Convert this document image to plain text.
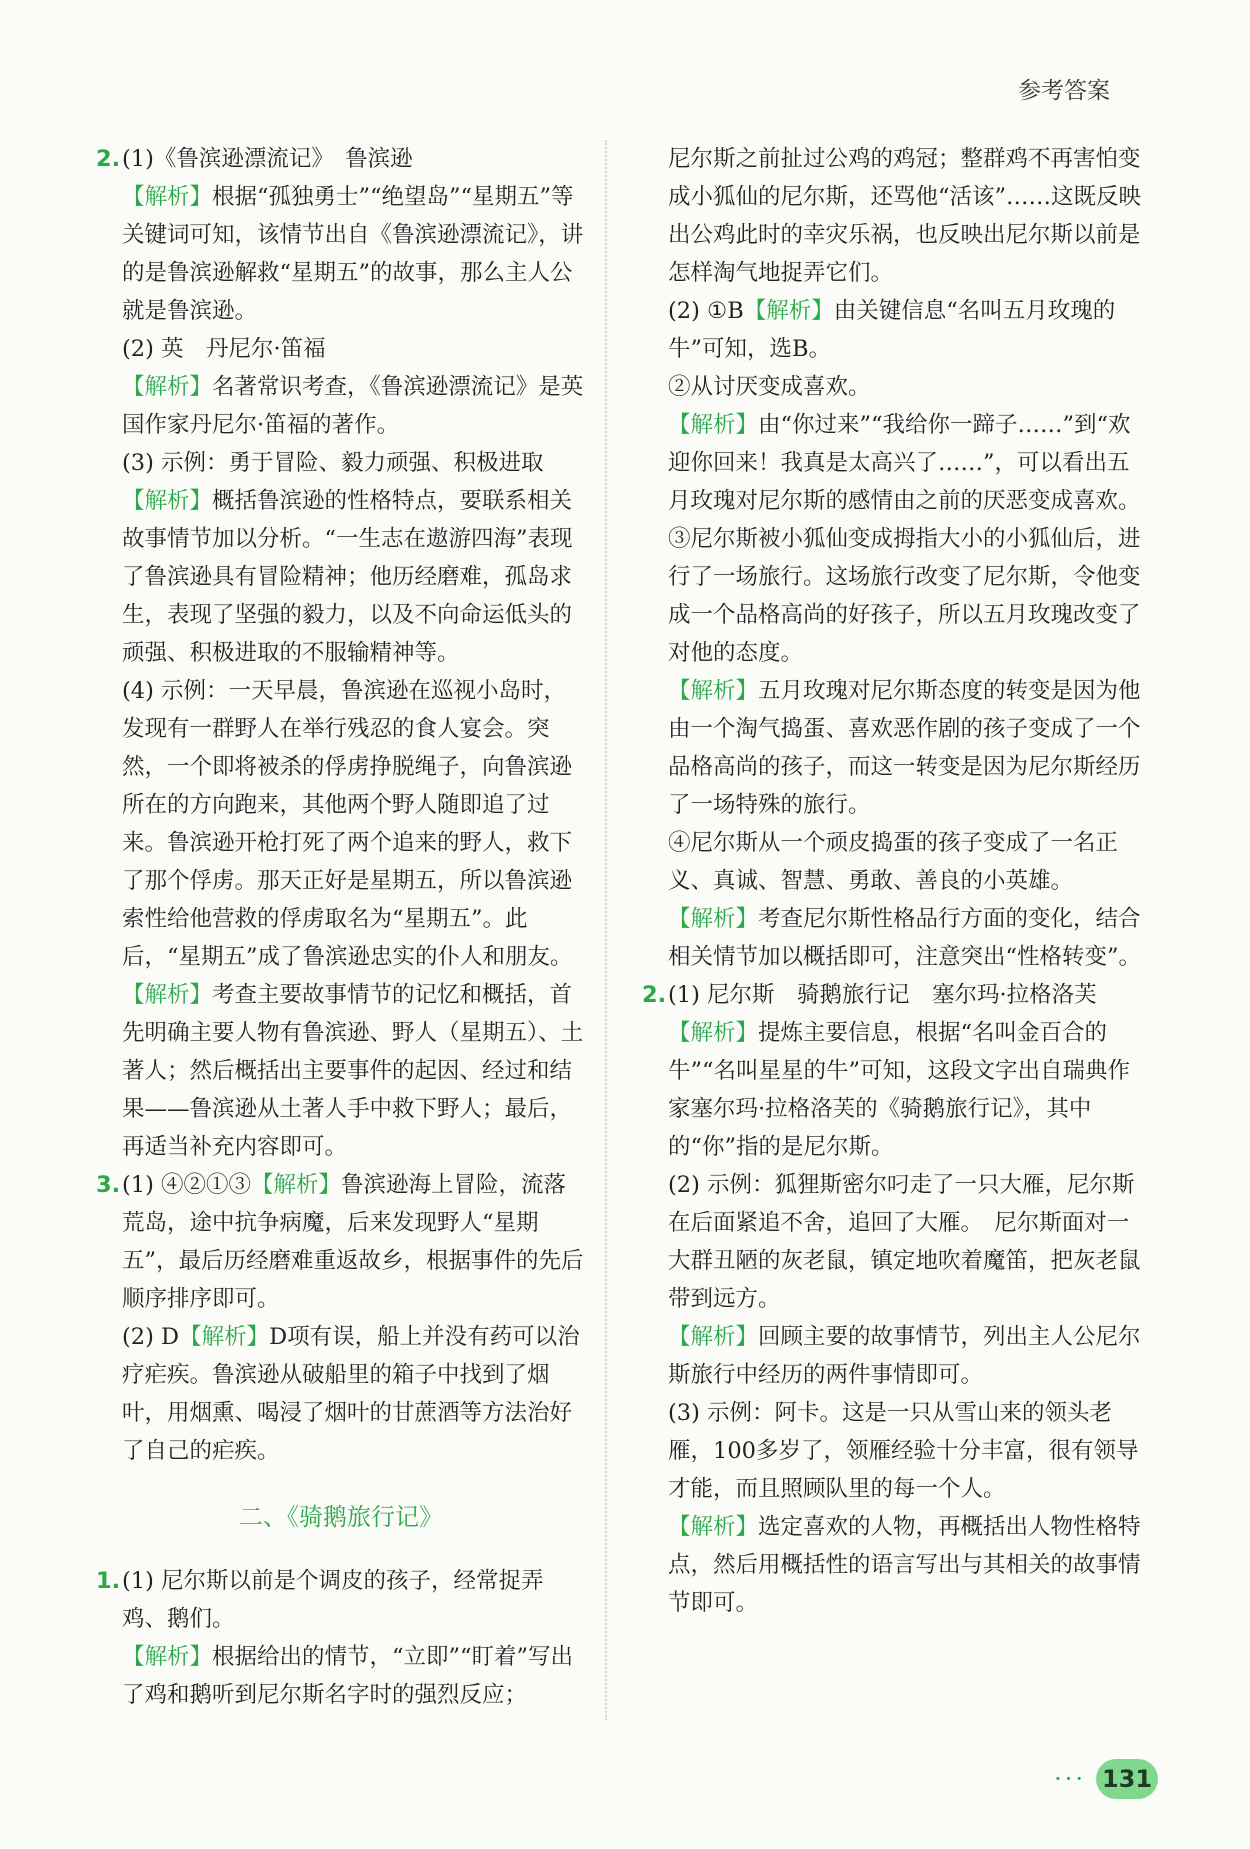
参考答案
2. (1)《鲁滨逊漂流记》　鲁滨逊

【解析】根据“孤独勇士”“绝望岛”“星期五”等关键词可知，该情节出自《鲁滨逊漂流记》，讲的是鲁滨逊解救“星期五”的故事，那么主人公就是鲁滨逊。

(2) 英　丹尼尔·笛福

【解析】名著常识考查，《鲁滨逊漂流记》是英国作家丹尼尔·笛福的著作。

(3) 示例：勇于冒险、毅力顽强、积极进取

【解析】概括鲁滨逊的性格特点，要联系相关故事情节加以分析。“一生志在遨游四海”表现了鲁滨逊具有冒险精神；他历经磨难，孤岛求生，表现了坚强的毅力，以及不向命运低头的顽强、积极进取的不服输精神等。

(4) 示例：一天早晨，鲁滨逊在巡视小岛时，发现有一群野人在举行残忍的食人宴会。突然，一个即将被杀的俘虏挣脱绳子，向鲁滨逊所在的方向跑来，其他两个野人随即追了过来。鲁滨逊开枪打死了两个追来的野人，救下了那个俘虏。那天正好是星期五，所以鲁滨逊索性给他营救的俘虏取名为“星期五”。此后，“星期五”成了鲁滨逊忠实的仆人和朋友。

【解析】考查主要故事情节的记忆和概括，首先明确主要人物有鲁滨逊、野人（星期五）、土著人；然后概括出主要事件的起因、经过和结果——鲁滨逊从土著人手中救下野人；最后，再适当补充内容即可。

3. (1) ④②①③【解析】鲁滨逊海上冒险，流落荒岛，途中抗争病魔，后来发现野人“星期五”，最后历经磨难重返故乡，根据事件的先后顺序排序即可。

(2) D【解析】D项有误，船上并没有药可以治疗疟疾。鲁滨逊从破船里的箱子中找到了烟叶，用烟熏、喝浸了烟叶的甘蔗酒等方法治好了自己的疟疾。

二、《骑鹅旅行记》
1. (1) 尼尔斯以前是个调皮的孩子，经常捉弄鸡、鹅们。

【解析】根据给出的情节，“立即”“盯着”写出了鸡和鹅听到尼尔斯名字时的强烈反应；

尼尔斯之前扯过公鸡的鸡冠；整群鸡不再害怕变成小狐仙的尼尔斯，还骂他“活该”……这既反映出公鸡此时的幸灾乐祸，也反映出尼尔斯以前是怎样淘气地捉弄它们。

(2) ①B【解析】由关键信息“名叫五月玫瑰的牛”可知，选B。

②从讨厌变成喜欢。

【解析】由“你过来”“我给你一蹄子……”到“欢迎你回来！我真是太高兴了……”，可以看出五月玫瑰对尼尔斯的感情由之前的厌恶变成喜欢。

③尼尔斯被小狐仙变成拇指大小的小狐仙后，进行了一场旅行。这场旅行改变了尼尔斯，令他变成一个品格高尚的好孩子，所以五月玫瑰改变了对他的态度。

【解析】五月玫瑰对尼尔斯态度的转变是因为他由一个淘气捣蛋、喜欢恶作剧的孩子变成了一个品格高尚的孩子，而这一转变是因为尼尔斯经历了一场特殊的旅行。

④尼尔斯从一个顽皮捣蛋的孩子变成了一名正义、真诚、智慧、勇敢、善良的小英雄。

【解析】考查尼尔斯性格品行方面的变化，结合相关情节加以概括即可，注意突出“性格转变”。

2. (1) 尼尔斯　骑鹅旅行记　塞尔玛·拉格洛芙

【解析】提炼主要信息，根据“名叫金百合的牛”“名叫星星的牛”可知，这段文字出自瑞典作家塞尔玛·拉格洛芙的《骑鹅旅行记》，其中的“你”指的是尼尔斯。

(2) 示例：狐狸斯密尔叼走了一只大雁，尼尔斯在后面紧追不舍，追回了大雁。　尼尔斯面对一大群丑陋的灰老鼠，镇定地吹着魔笛，把灰老鼠带到远方。

【解析】回顾主要的故事情节，列出主人公尼尔斯旅行中经历的两件事情即可。

(3) 示例：阿卡。这是一只从雪山来的领头老雁，100多岁了，领雁经验十分丰富，很有领导才能，而且照顾队里的每一个人。

【解析】选定喜欢的人物，再概括出人物性格特点，然后用概括性的语言写出与其相关的故事情节即可。

··· 131
